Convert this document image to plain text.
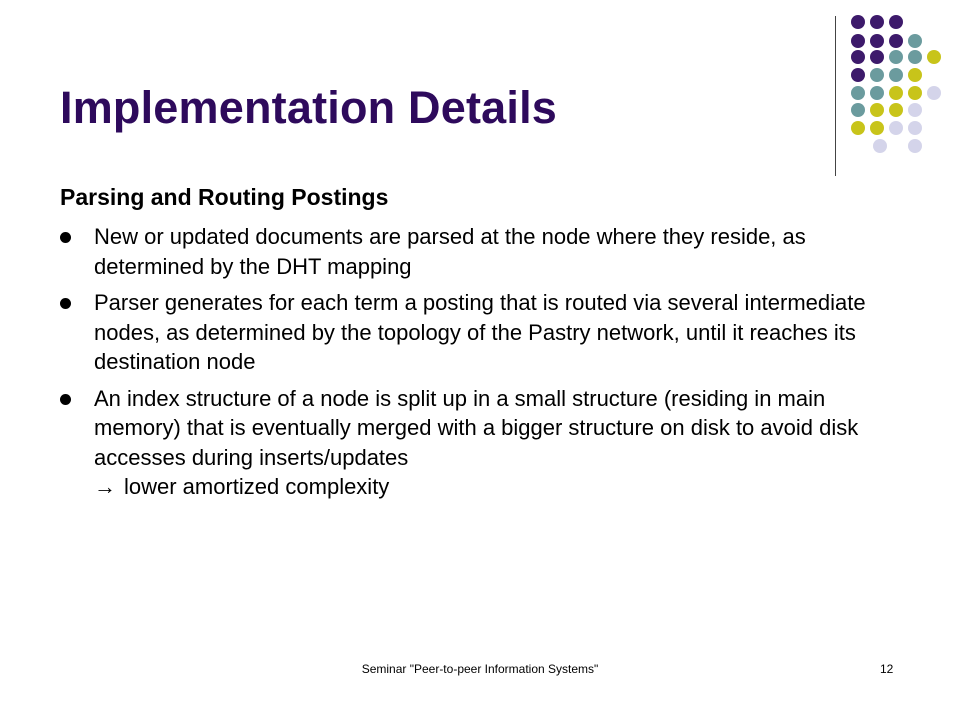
Implementation Details
Parsing and Routing Postings
New or updated documents are parsed at the node where they reside, as determined by the DHT mapping
Parser generates for each term a posting that is routed via several intermediate nodes, as determined by the topology of the Pastry network, until it reaches its destination node
An index structure of a node is split up in a small structure (residing in main memory) that is eventually merged with a bigger structure on disk to avoid disk accesses during inserts/updates
→ lower amortized complexity
Seminar "Peer-to-peer Information Systems"	12
